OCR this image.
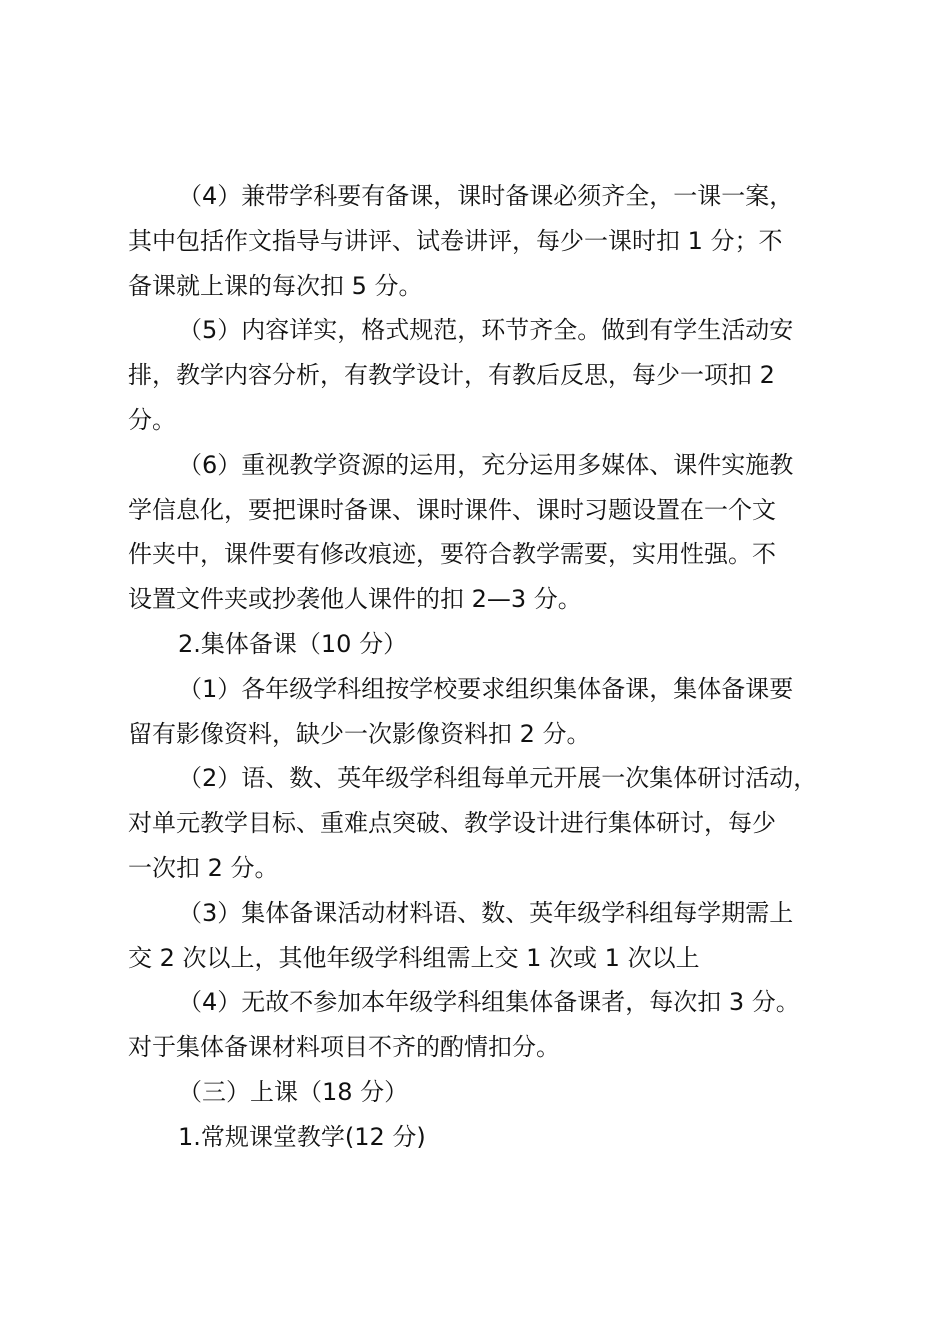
（4）兼带学科要有备课，课时备课必须齐全，一课一案，
其中包括作文指导与讲评、试卷讲评，每少一课时扣 1 分；不
备课就上课的每次扣 5 分。
（5）内容详实，格式规范，环节齐全。做到有学生活动安
排，教学内容分析，有教学设计，有教后反思，每少一项扣 2
分。
（6）重视教学资源的运用，充分运用多媒体、课件实施教
学信息化，要把课时备课、课时课件、课时习题设置在一个文
件夹中，课件要有修改痕迹，要符合教学需要，实用性强。不
设置文件夹或抄袭他人课件的扣 2—3 分。
2.集体备课（10 分）
（1）各年级学科组按学校要求组织集体备课，集体备课要
留有影像资料，缺少一次影像资料扣 2 分。
（2）语、数、英年级学科组每单元开展一次集体研讨活动，
对单元教学目标、重难点突破、教学设计进行集体研讨，每少
一次扣 2 分。
（3）集体备课活动材料语、数、英年级学科组每学期需上
交 2 次以上，其他年级学科组需上交 1 次或 1 次以上
（4）无故不参加本年级学科组集体备课者，每次扣 3 分。
对于集体备课材料项目不齐的酌情扣分。
（三）上课（18 分）
1.常规课堂教学(12 分)
